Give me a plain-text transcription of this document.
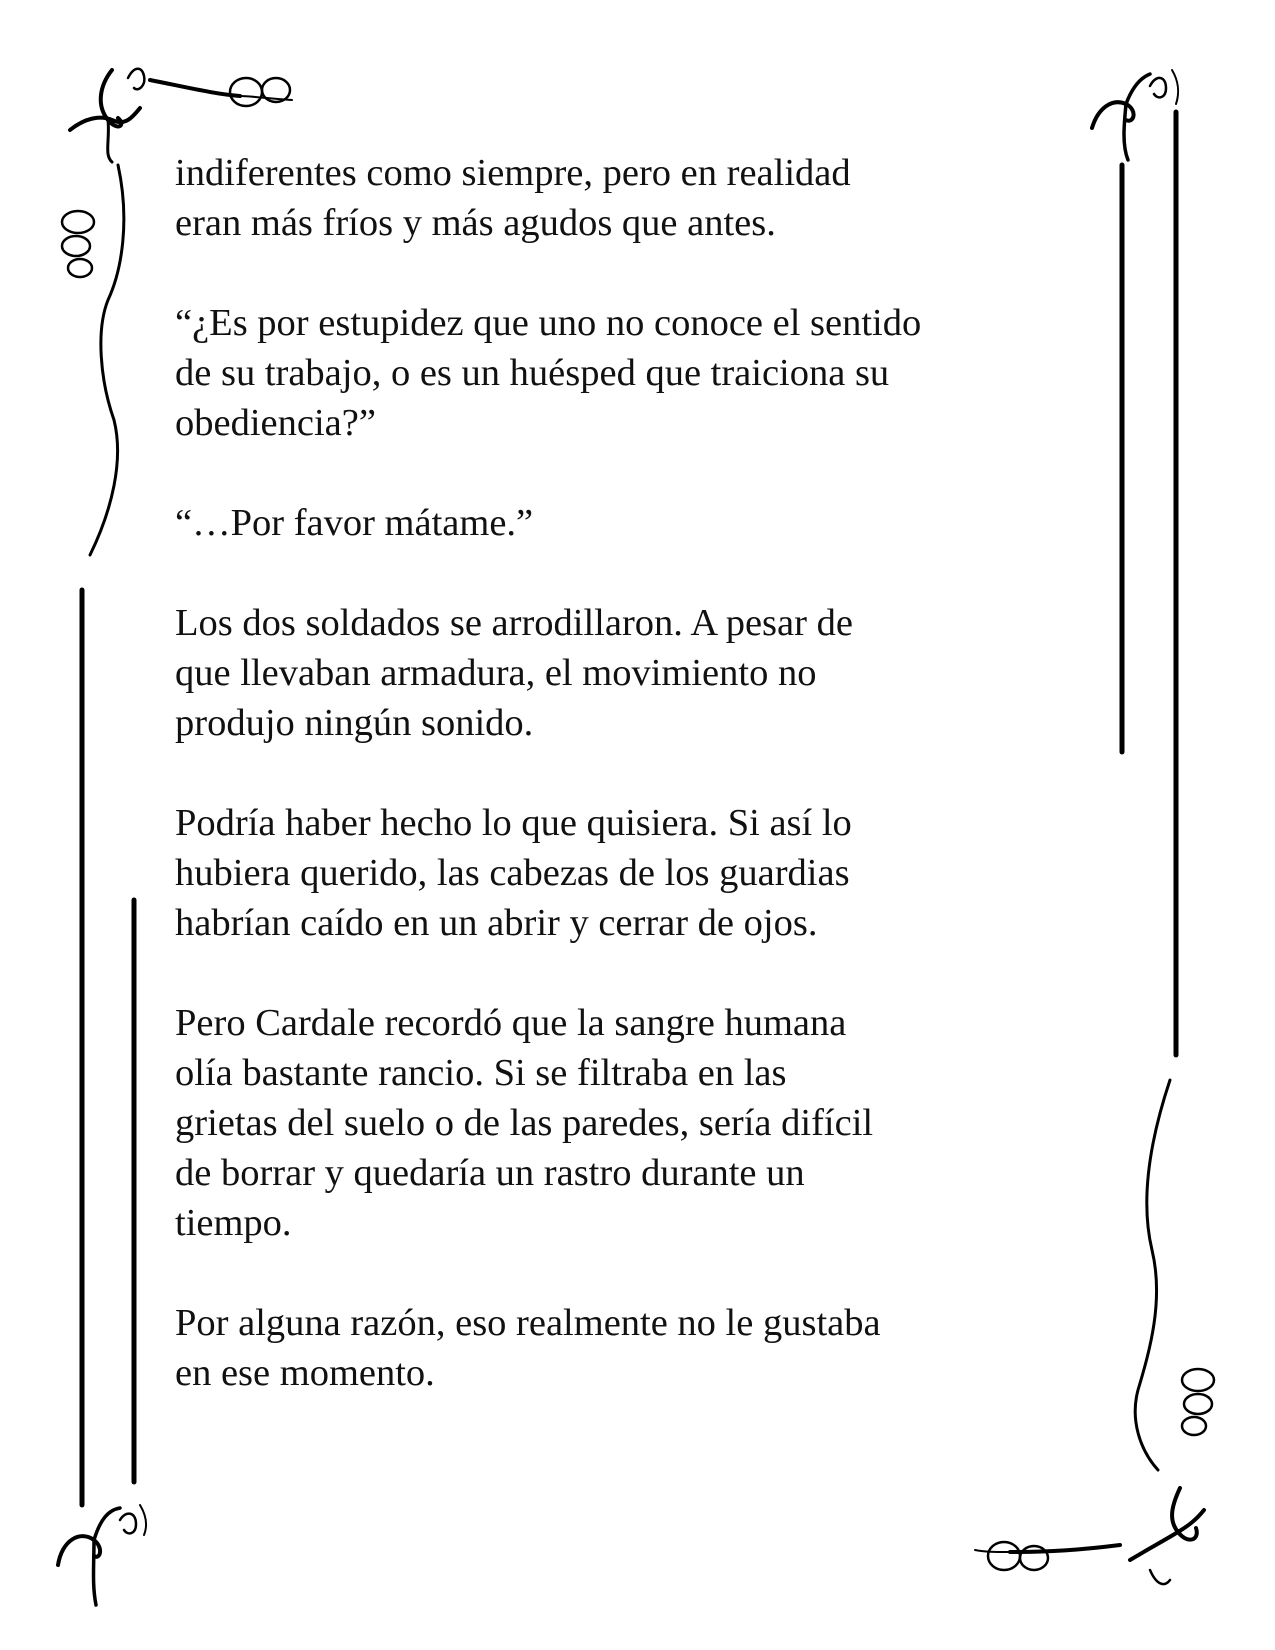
indiferentes como siempre, pero en realidad
eran más fríos y más agudos que antes.

“¿Es por estupidez que uno no conoce el sentido
de su trabajo, o es un huésped que traiciona su
obediencia?”

“…Por favor mátame.”

Los dos soldados se arrodillaron. A pesar de
que llevaban armadura, el movimiento no
produjo ningún sonido.

Podría haber hecho lo que quisiera. Si así lo
hubiera querido, las cabezas de los guardias
habrían caído en un abrir y cerrar de ojos.

Pero Cardale recordó que la sangre humana
olía bastante rancio. Si se filtraba en las
grietas del suelo o de las paredes, sería difícil
de borrar y quedaría un rastro durante un
tiempo.

Por alguna razón, eso realmente no le gustaba
en ese momento.
